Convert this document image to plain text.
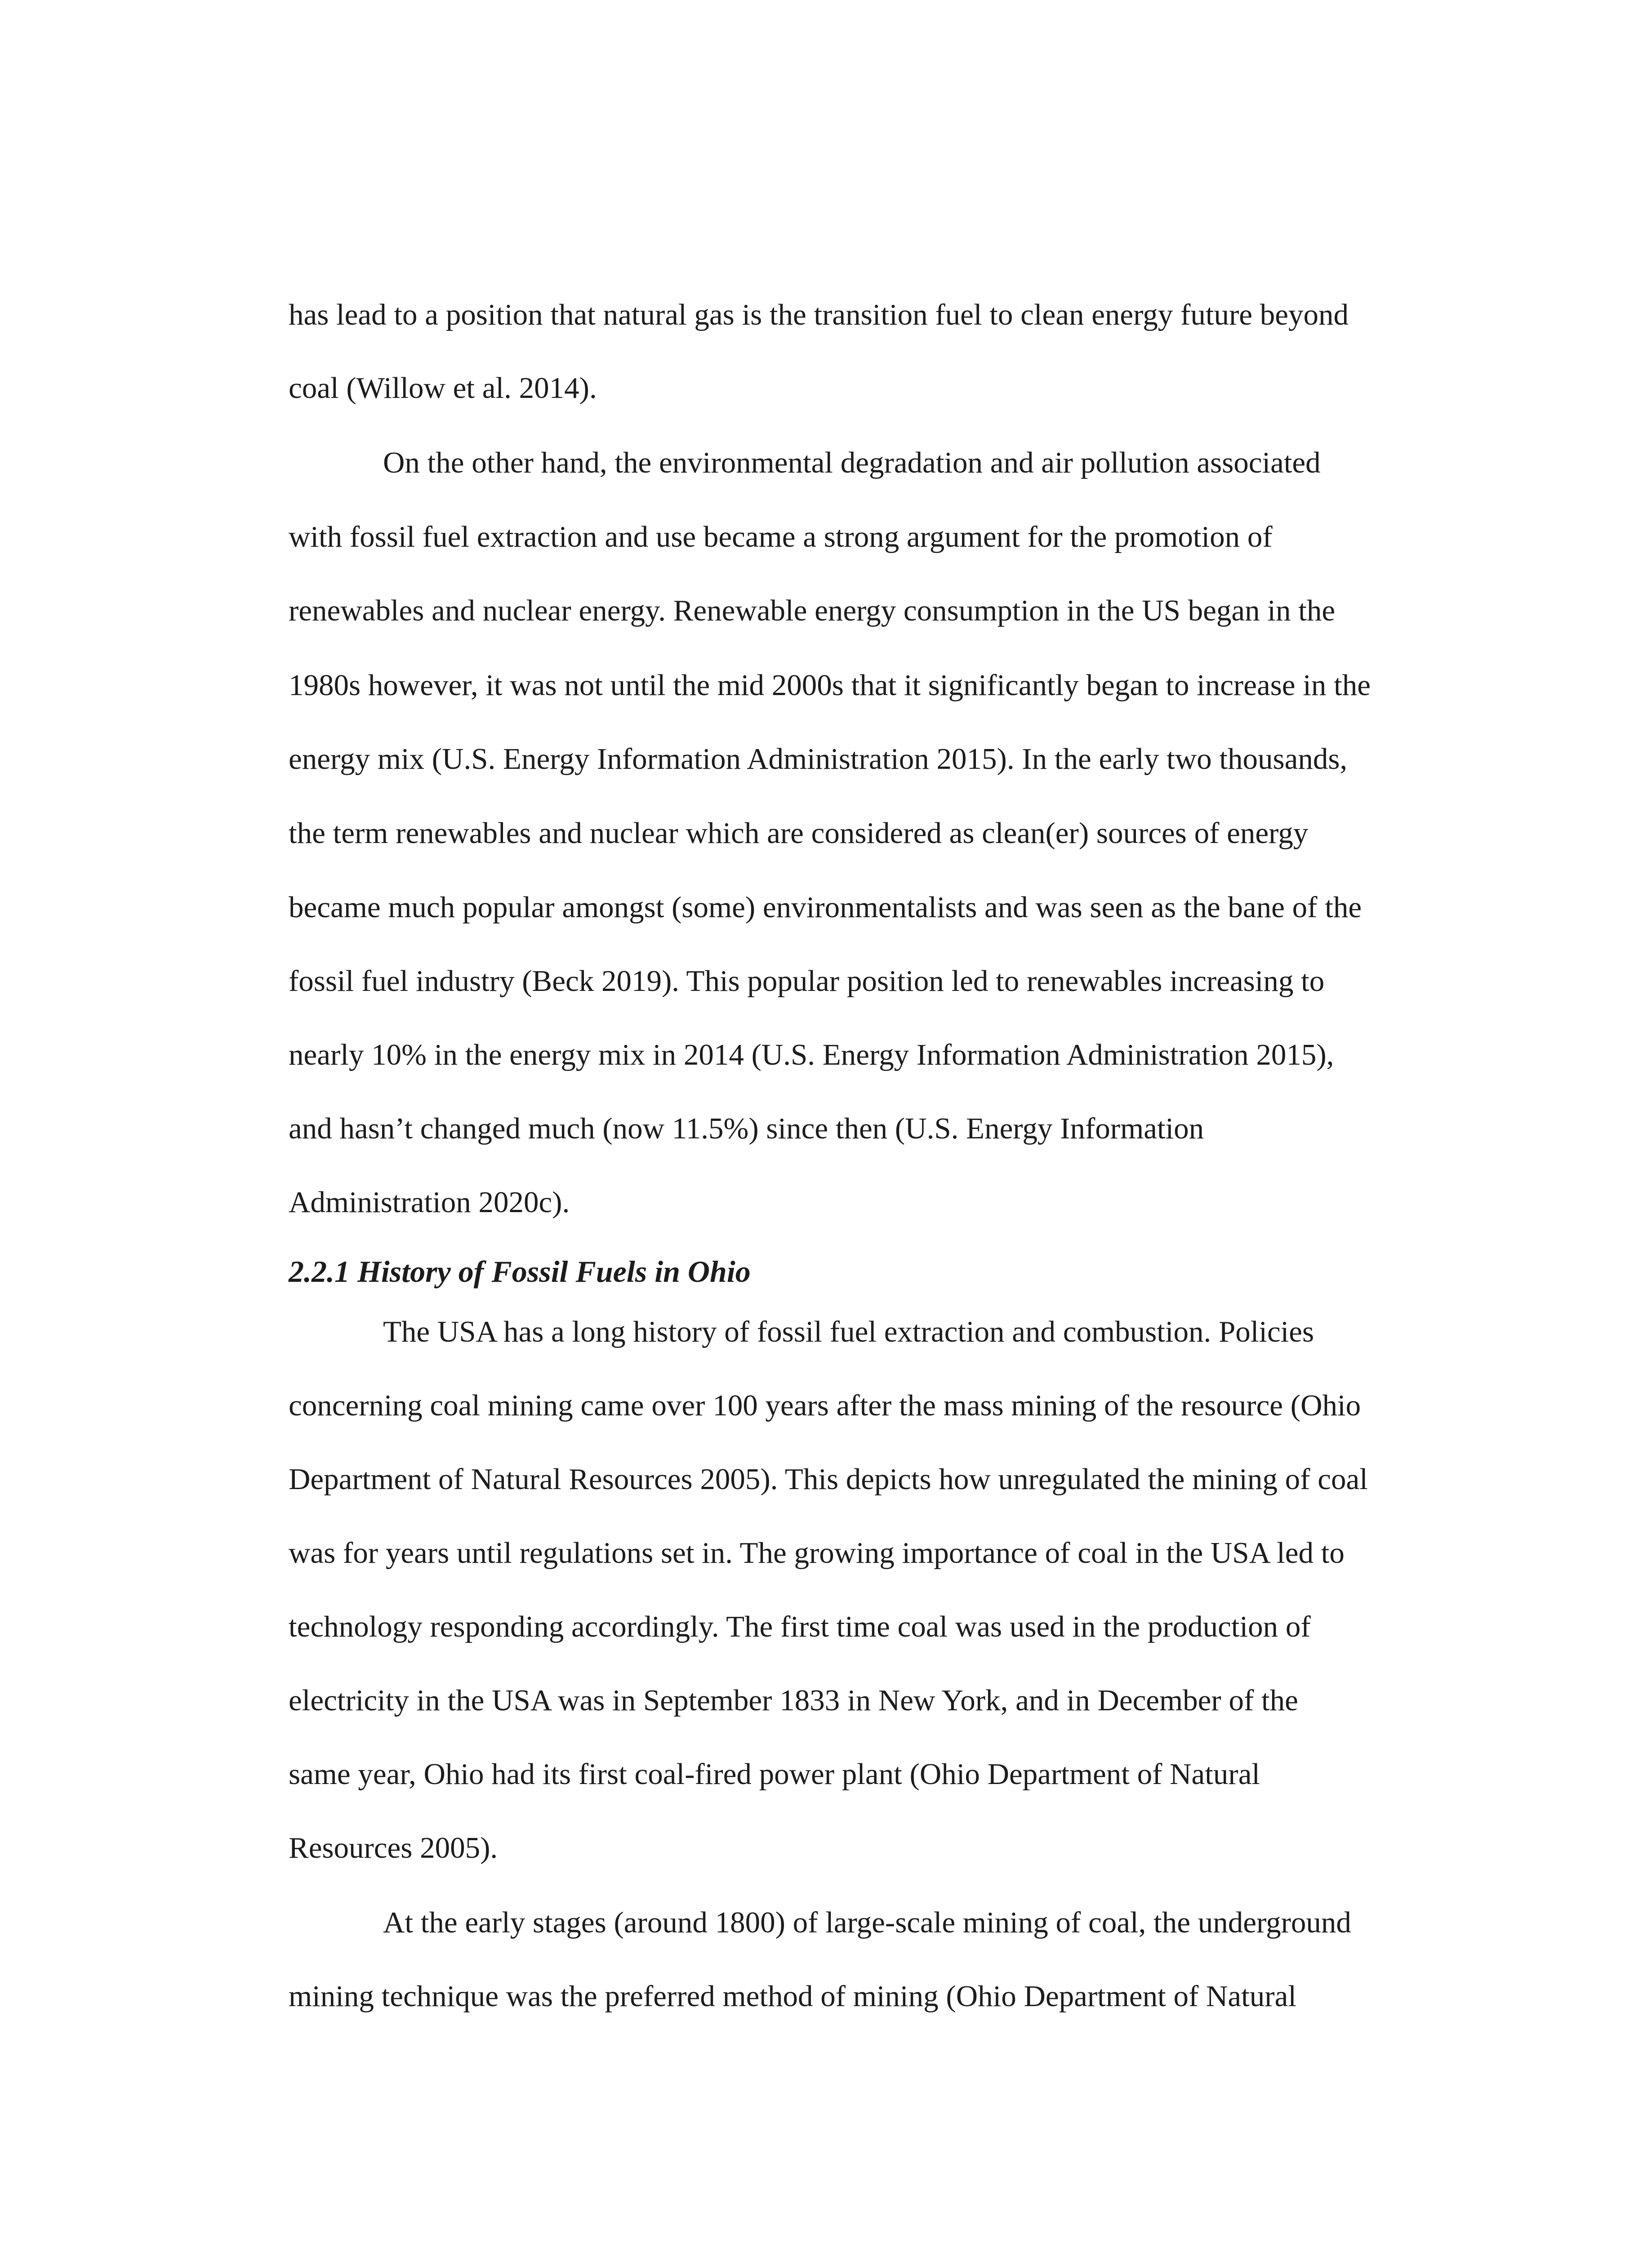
has lead to a position that natural gas is the transition fuel to clean energy future beyond
coal (Willow et al. 2014).
On the other hand, the environmental degradation and air pollution associated
with fossil fuel extraction and use became a strong argument for the promotion of
renewables and nuclear energy. Renewable energy consumption in the US began in the
1980s however, it was not until the mid 2000s that it significantly began to increase in the
energy mix (U.S. Energy Information Administration 2015). In the early two thousands,
the term renewables and nuclear which are considered as clean(er) sources of energy
became much popular amongst (some) environmentalists and was seen as the bane of the
fossil fuel industry (Beck 2019). This popular position led to renewables increasing to
nearly 10% in the energy mix in 2014 (U.S. Energy Information Administration 2015),
and hasn’t changed much (now 11.5%) since then (U.S. Energy Information
Administration 2020c).
2.2.1 History of Fossil Fuels in Ohio
The USA has a long history of fossil fuel extraction and combustion. Policies
concerning coal mining came over 100 years after the mass mining of the resource (Ohio
Department of Natural Resources 2005). This depicts how unregulated the mining of coal
was for years until regulations set in. The growing importance of coal in the USA led to
technology responding accordingly. The first time coal was used in the production of
electricity in the USA was in September 1833 in New York, and in December of the
same year, Ohio had its first coal-fired power plant (Ohio Department of Natural
Resources 2005).
At the early stages (around 1800) of large-scale mining of coal, the underground
mining technique was the preferred method of mining (Ohio Department of Natural
